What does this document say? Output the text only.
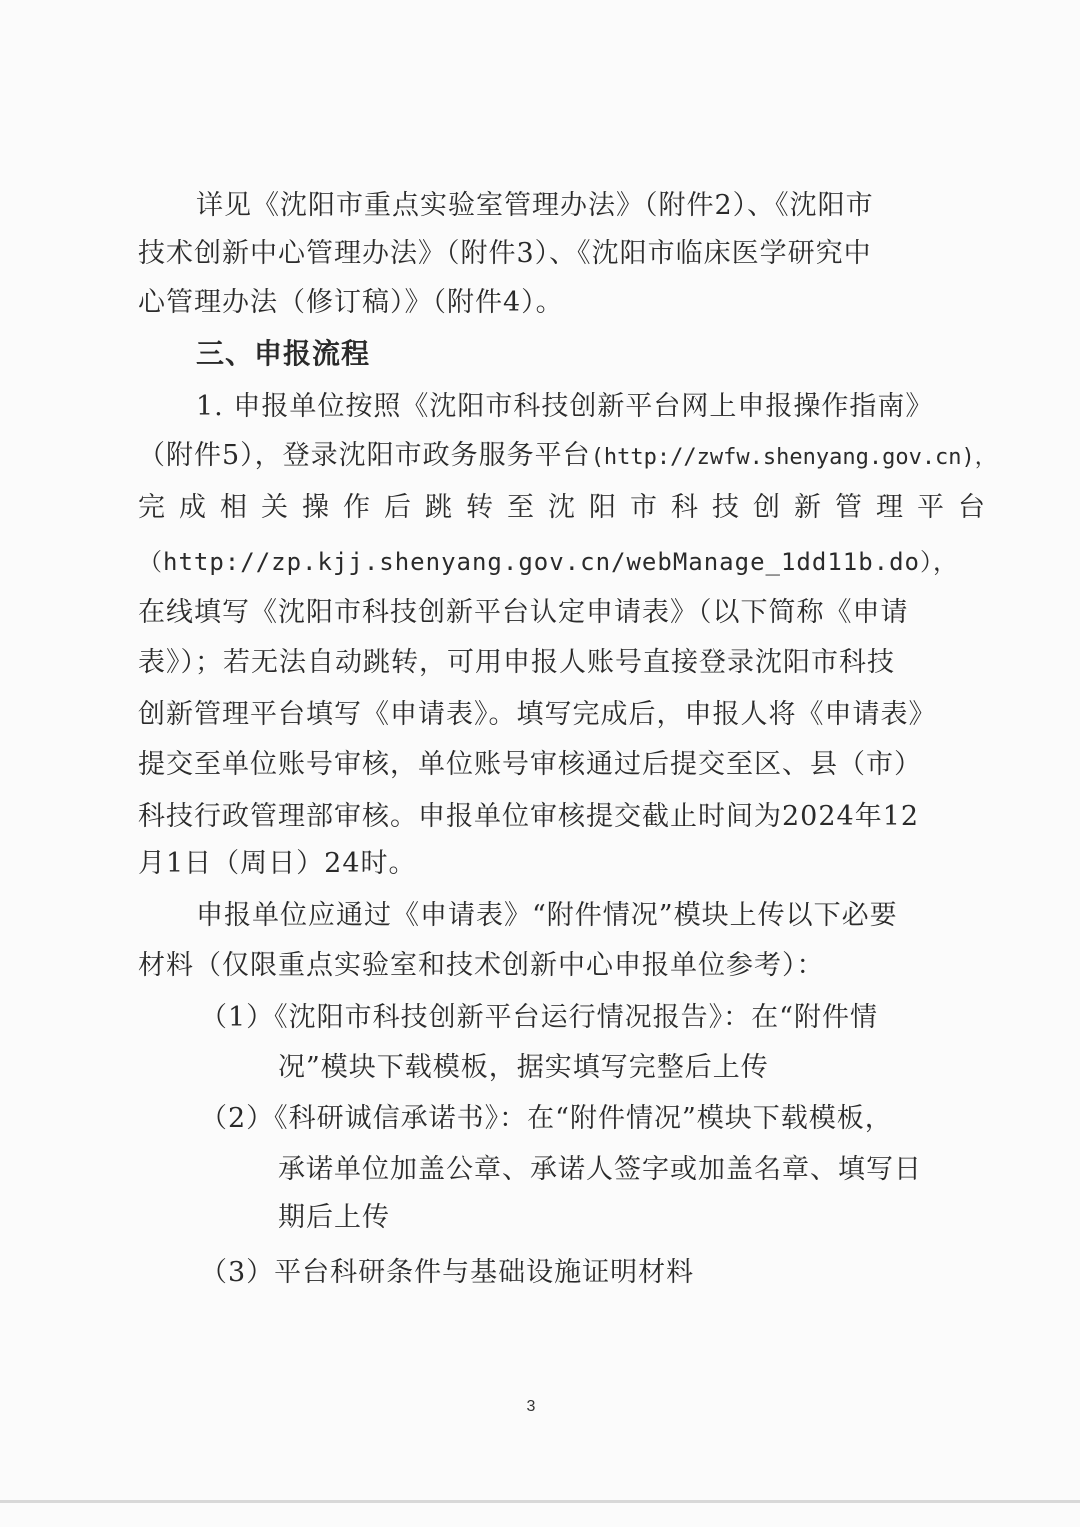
详见《沈阳市重点实验室管理办法》（附件2）、《沈阳市
技术创新中心管理办法》（附件3）、《沈阳市临床医学研究中
心管理办法（修订稿）》（附件4）。
三、申报流程
1. 申报单位按照《沈阳市科技创新平台网上申报操作指南》
（附件5），登录沈阳市政务服务平台(http://zwfw.shenyang.gov.cn)，
完成相关操作后跳转至沈阳市科技创新管理平台
（http://zp.kjj.shenyang.gov.cn/webManage_1dd11b.do），
在线填写《沈阳市科技创新平台认定申请表》（以下简称《申请
表》）；若无法自动跳转，可用申报人账号直接登录沈阳市科技
创新管理平台填写《申请表》。填写完成后，申报人将《申请表》
提交至单位账号审核，单位账号审核通过后提交至区、县（市）
科技行政管理部审核。申报单位审核提交截止时间为2024年12
月1日（周日）24时。
申报单位应通过《申请表》“附件情况”模块上传以下必要
材料（仅限重点实验室和技术创新中心申报单位参考）：
（1）《沈阳市科技创新平台运行情况报告》：在“附件情
况”模块下载模板，据实填写完整后上传
（2）《科研诚信承诺书》：在“附件情况”模块下载模板，
承诺单位加盖公章、承诺人签字或加盖名章、填写日
期后上传
（3）平台科研条件与基础设施证明材料
3
